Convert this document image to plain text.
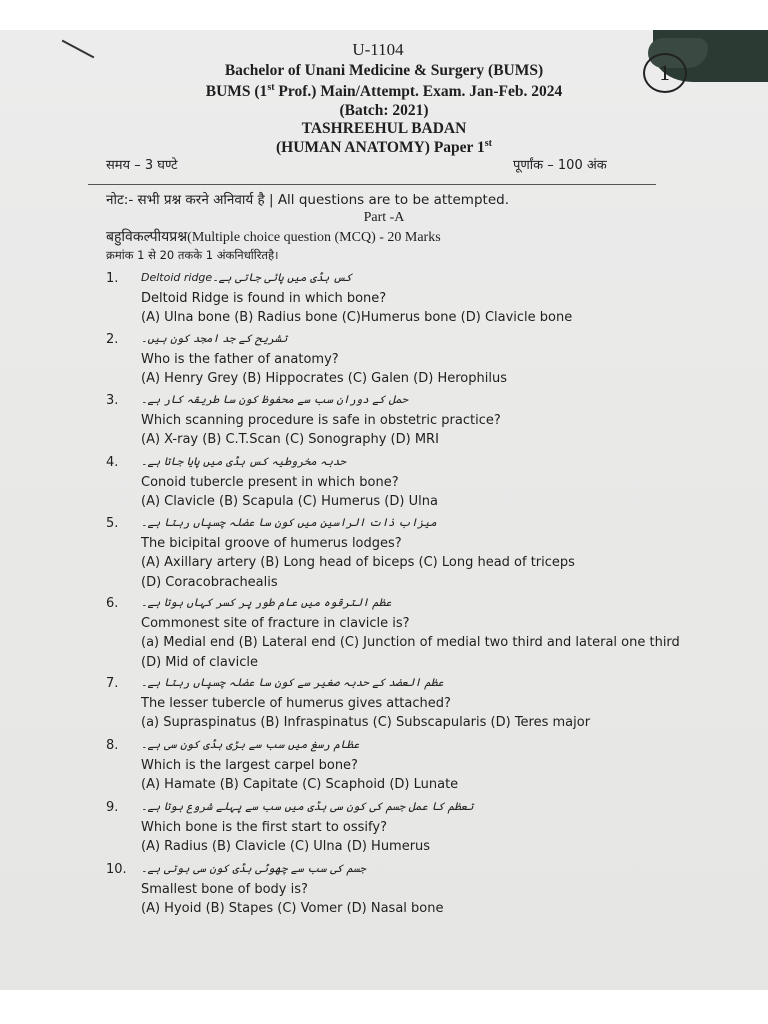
1
U-1104
Bachelor of Unani Medicine & Surgery (BUMS)
BUMS (1st Prof.) Main/Attempt. Exam. Jan-Feb. 2024
(Batch: 2021)
TASHREEHUL BADAN
(HUMAN ANATOMY) Paper 1st
समय – 3 घण्टे	पूर्णांक – 100 अंक
नोट:- सभी प्रश्न करने अनिवार्य है | All questions are to be attempted.
Part -A
बहुविकल्पीयप्रश्न(Multiple choice question (MCQ) - 20 Marks
क्रमांक 1 से 20 तकके 1 अंकनिर्धारितहै।
1. کس ہڈی میں پائی جاتی ہے۔Deltoid ridge
Deltoid Ridge is found in which bone?
(A) Ulna bone (B) Radius bone (C)Humerus bone (D) Clavicle bone
2. تشریح کے جد امجد کون ہیں۔
Who is the father of anatomy?
(A) Henry Grey (B) Hippocrates (C) Galen (D) Herophilus
3. حمل کے دوران سب سے محفوظ کون سا طریقہ کار ہے۔
Which scanning procedure is safe in obstetric practice?
(A) X-ray (B) C.T.Scan (C) Sonography (D) MRI
4. حدبہ مخروطیہ کس ہڈی میں پایا جاتا ہے۔
Conoid tubercle present in which bone?
(A) Clavicle (B) Scapula (C) Humerus (D) Ulna
5. میزاب ذات الراسین میں کون سا عضلہ چسپاں رہتا ہے۔
The bicipital groove of humerus lodges?
(A) Axillary artery (B) Long head of biceps (C) Long head of triceps
(D) Coracobrachealis
6. عظم الترقوہ میں عام طور پر کسر کہاں ہوتا ہے۔
Commonest site of fracture in clavicle is?
(a) Medial end (B) Lateral end (C) Junction of medial two third and lateral one third
(D) Mid of clavicle
7. عظم العضد کے حدبہ صغیر سے کون سا عضلہ چسپاں رہتا ہے۔
The lesser tubercle of humerus gives attached?
(a) Supraspinatus (B) Infraspinatus (C) Subscapularis (D) Teres major
8. عظام رسغ میں سب سے بڑی ہڈی کون سی ہے۔
Which is the largest carpel bone?
(A) Hamate (B) Capitate (C) Scaphoid (D) Lunate
9. تعظم کا عمل جسم کی کون سی ہڈی میں سب سے پہلے شروع ہوتا ہے۔
Which bone is the first start to ossify?
(A) Radius (B) Clavicle (C) Ulna (D) Humerus
10. جسم کی سب سے چھوٹی ہڈی کون سی ہوتی ہے۔
Smallest bone of body is?
(A) Hyoid (B) Stapes (C) Vomer (D) Nasal bone
